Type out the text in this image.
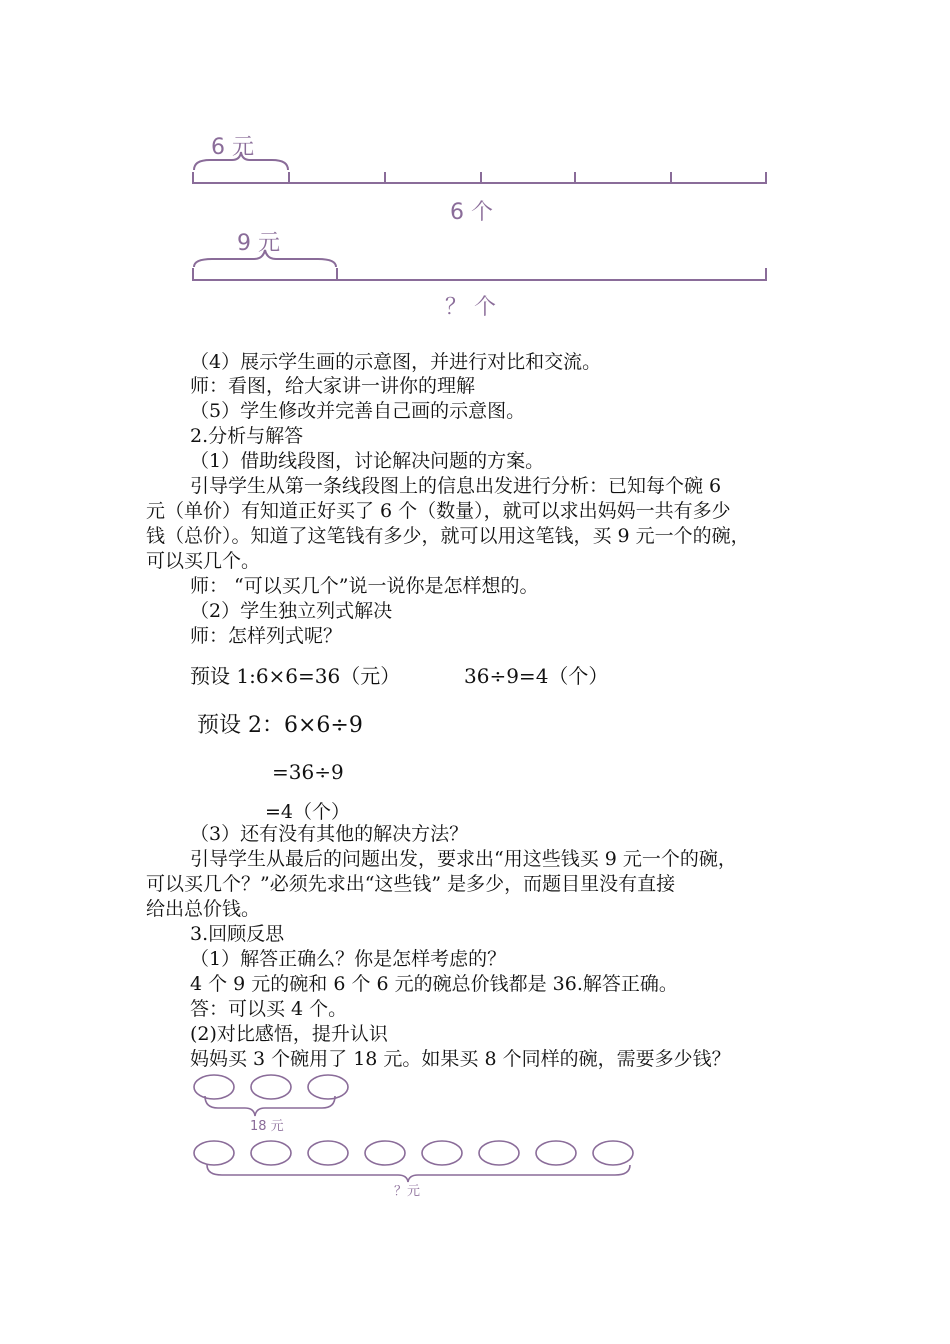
6 元
6 个
9 元
？ 个
（4）展示学生画的示意图，并进行对比和交流。
师：看图，给大家讲一讲你的理解
（5）学生修改并完善自己画的示意图。
2.分析与解答
（1）借助线段图，讨论解决问题的方案。
引导学生从第一条线段图上的信息出发进行分析：已知每个碗 6
元（单价）有知道正好买了 6 个（数量），就可以求出妈妈一共有多少
钱（总价）。知道了这笔钱有多少，就可以用这笔钱，买 9 元一个的碗，
可以买几个。
师： “可以买几个”说一说你是怎样想的。
（2）学生独立列式解决
师：怎样列式呢？
预设 1:6×6=36（元）	36÷9=4（个）
预设 2：6×6÷9
=36÷9
=4（个）
（3）还有没有其他的解决方法？
引导学生从最后的问题出发，要求出“用这些钱买 9 元一个的碗，
可以买几个？”必须先求出“这些钱” 是多少，而题目里没有直接
给出总价钱。
3.回顾反思
（1）解答正确么？你是怎样考虑的？
4 个 9 元的碗和 6 个 6 元的碗总价钱都是 36.解答正确。
答：可以买 4 个。
(2)对比感悟，提升认识
妈妈买 3 个碗用了 18 元。如果买 8 个同样的碗，需要多少钱？
18 元
？元
